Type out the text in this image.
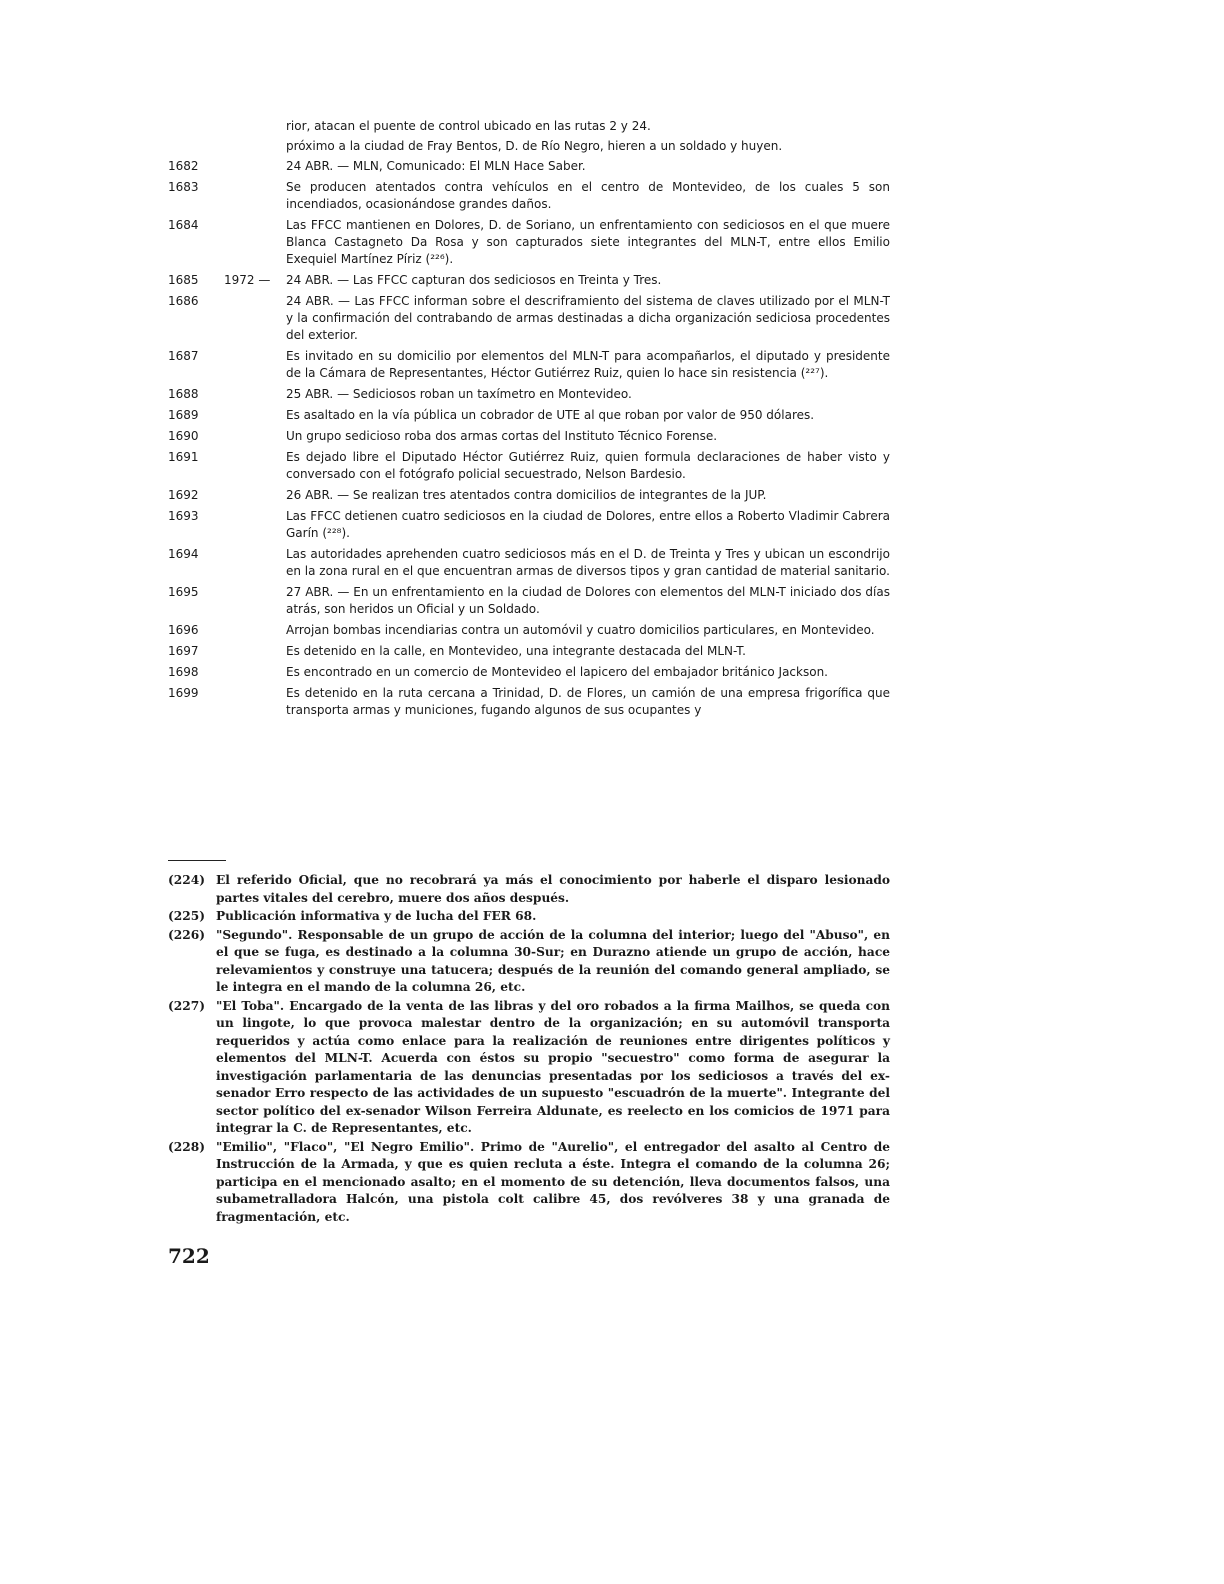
rior, atacan el puente de control ubicado en las rutas 2 y 24.
próximo a la ciudad de Fray Bentos, D. de Río Negro, hieren a un soldado y huyen.
1682	24 ABR. — MLN, Comunicado: El MLN Hace Saber.
1683	Se producen atentados contra vehículos en el centro de Montevideo, de los cuales 5 son incendiados, ocasionándose grandes daños.
1684	Las FFCC mantienen en Dolores, D. de Soriano, un enfrentamiento con sediciosos en el que muere Blanca Castagneto Da Rosa y son capturados siete integrantes del MLN-T, entre ellos Emilio Exequiel Martínez Píriz (²²⁶).
1685	1972 —	24 ABR. — Las FFCC capturan dos sediciosos en Treinta y Tres.
1686	24 ABR. — Las FFCC informan sobre el descriframiento del sistema de claves utilizado por el MLN-T y la confirmación del contrabando de armas destinadas a dicha organización sediciosa procedentes del exterior.
1687	Es invitado en su domicilio por elementos del MLN-T para acompañarlos, el diputado y presidente de la Cámara de Representantes, Héctor Gutiérrez Ruiz, quien lo hace sin resistencia (²²⁷).
1688	25 ABR. — Sediciosos roban un taxímetro en Montevideo.
1689	Es asaltado en la vía pública un cobrador de UTE al que roban por valor de 950 dólares.
1690	Un grupo sedicioso roba dos armas cortas del Instituto Técnico Forense.
1691	Es dejado libre el Diputado Héctor Gutiérrez Ruiz, quien formula declaraciones de haber visto y conversado con el fotógrafo policial secuestrado, Nelson Bardesio.
1692	26 ABR. — Se realizan tres atentados contra domicilios de integrantes de la JUP.
1693	Las FFCC detienen cuatro sediciosos en la ciudad de Dolores, entre ellos a Roberto Vladimir Cabrera Garín (²²⁸).
1694	Las autoridades aprehenden cuatro sediciosos más en el D. de Treinta y Tres y ubican un escondrijo en la zona rural en el que encuentran armas de diversos tipos y gran cantidad de material sanitario.
1695	27 ABR. — En un enfrentamiento en la ciudad de Dolores con elementos del MLN-T iniciado dos días atrás, son heridos un Oficial y un Soldado.
1696	Arrojan bombas incendiarias contra un automóvil y cuatro domicilios particulares, en Montevideo.
1697	Es detenido en la calle, en Montevideo, una integrante destacada del MLN-T.
1698	Es encontrado en un comercio de Montevideo el lapicero del embajador británico Jackson.
1699	Es detenido en la ruta cercana a Trinidad, D. de Flores, un camión de una empresa frigorífica que transporta armas y municiones, fugando algunos de sus ocupantes y
(224) El referido Oficial, que no recobrará ya más el conocimiento por haberle el disparo lesionado partes vitales del cerebro, muere dos años después.
(225) Publicación informativa y de lucha del FER 68.
(226) "Segundo". Responsable de un grupo de acción de la columna del interior; luego del "Abuso", en el que se fuga, es destinado a la columna 30-Sur; en Durazno atiende un grupo de acción, hace relevamientos y construye una tatucera; después de la reunión del comando general ampliado, se le integra en el mando de la columna 26, etc.
(227) "El Toba". Encargado de la venta de las libras y del oro robados a la firma Mailhos, se queda con un lingote, lo que provoca malestar dentro de la organización; en su automóvil transporta requeridos y actúa como enlace para la realización de reuniones entre dirigentes políticos y elementos del MLN-T. Acuerda con éstos su propio "secuestro" como forma de asegurar la investigación parlamentaria de las denuncias presentadas por los sediciosos a través del ex-senador Erro respecto de las actividades de un supuesto "escuadrón de la muerte". Integrante del sector político del ex-senador Wilson Ferreira Aldunate, es reelecto en los comicios de 1971 para integrar la C. de Representantes, etc.
(228) "Emilio", "Flaco", "El Negro Emilio". Primo de "Aurelio", el entregador del asalto al Centro de Instrucción de la Armada, y que es quien recluta a éste. Integra el comando de la columna 26; participa en el mencionado asalto; en el momento de su detención, lleva documentos falsos, una subametralladora Halcón, una pistola colt calibre 45, dos revólveres 38 y una granada de fragmentación, etc.
722
